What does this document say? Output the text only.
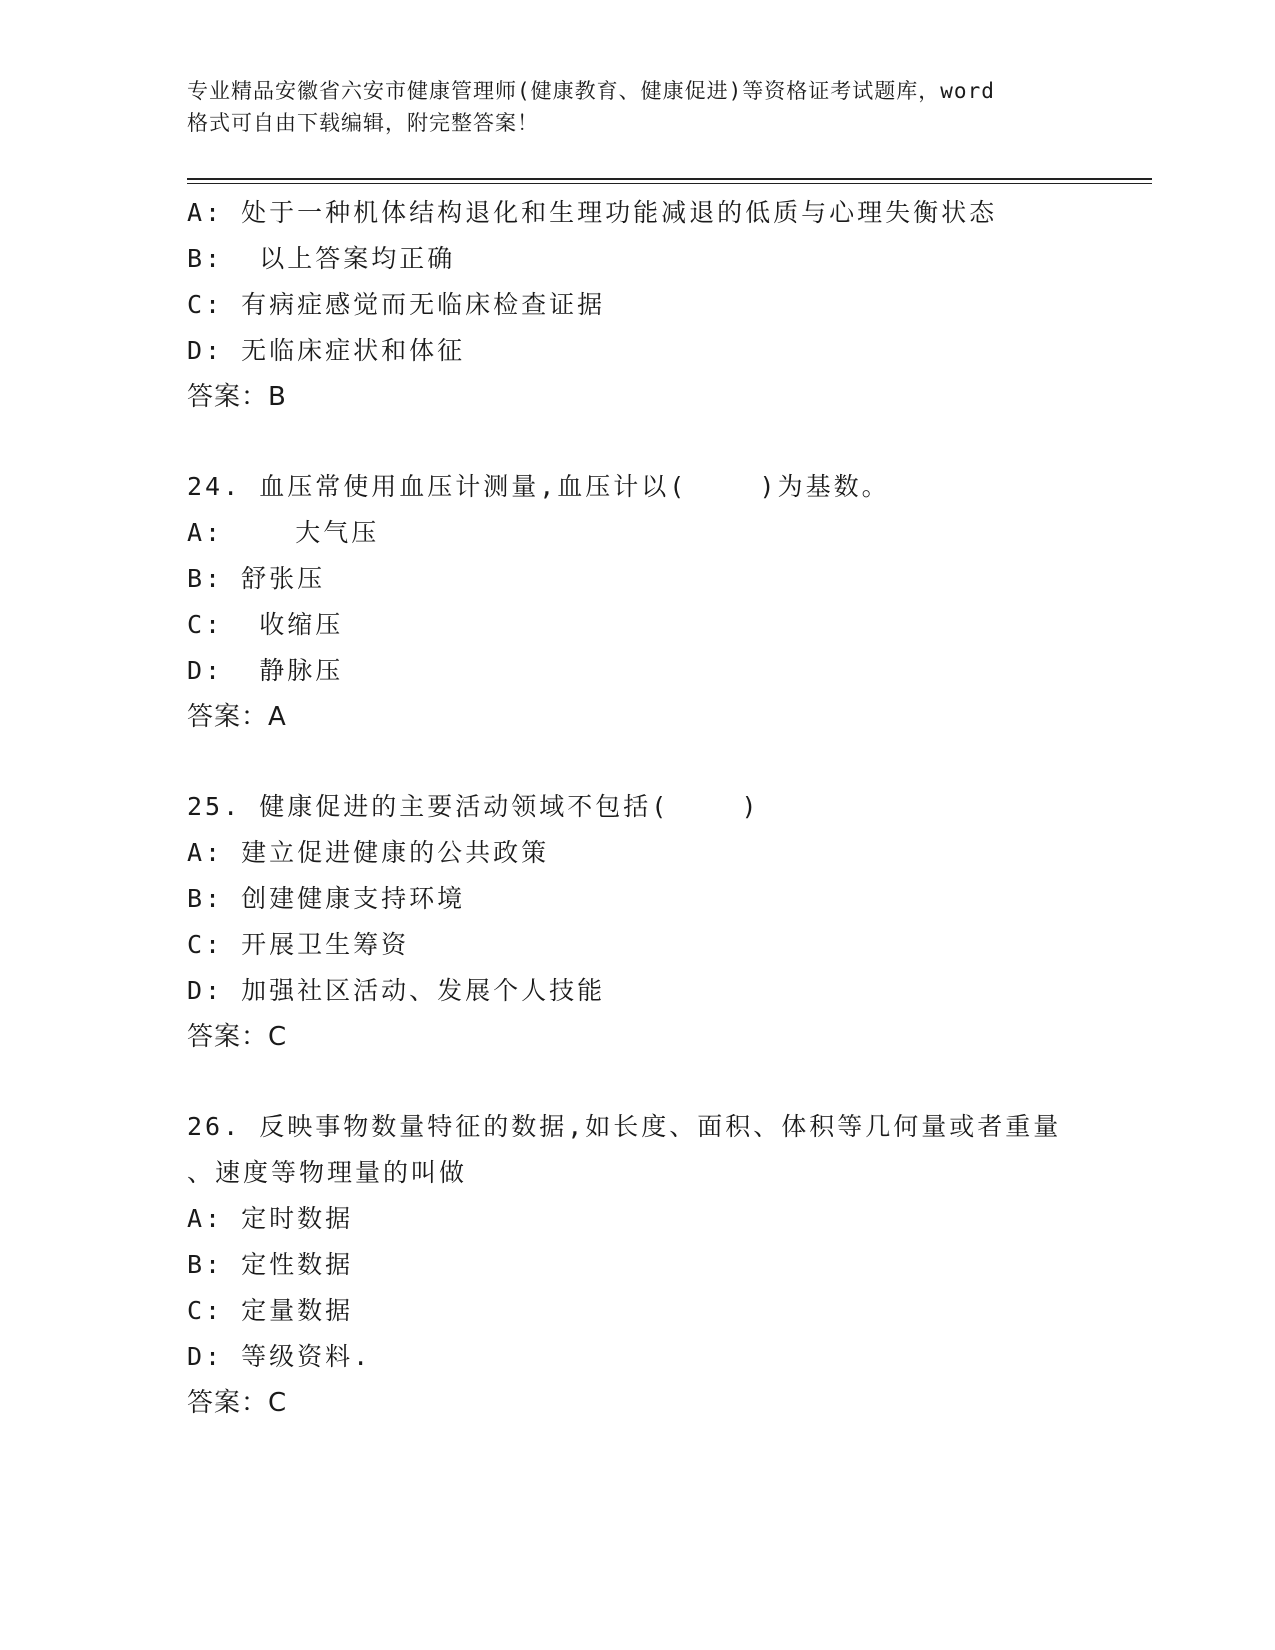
专业精品安徽省六安市健康管理师(健康教育、健康促进)等资格证考试题库，word
格式可自由下载编辑，附完整答案！
A: 处于一种机体结构退化和生理功能减退的低质与心理失衡状态
B:  以上答案均正确
C: 有病症感觉而无临床检查证据
D: 无临床症状和体征
答案：B
24. 血压常使用血压计测量,血压计以(    )为基数。
A:    大气压
B: 舒张压
C:  收缩压
D:  静脉压
答案：A
25. 健康促进的主要活动领域不包括(    )
A: 建立促进健康的公共政策
B: 创建健康支持环境
C: 开展卫生筹资
D: 加强社区活动、发展个人技能
答案：C
26. 反映事物数量特征的数据,如长度、面积、体积等几何量或者重量
、速度等物理量的叫做
A: 定时数据
B: 定性数据
C: 定量数据
D: 等级资料.
答案：C
